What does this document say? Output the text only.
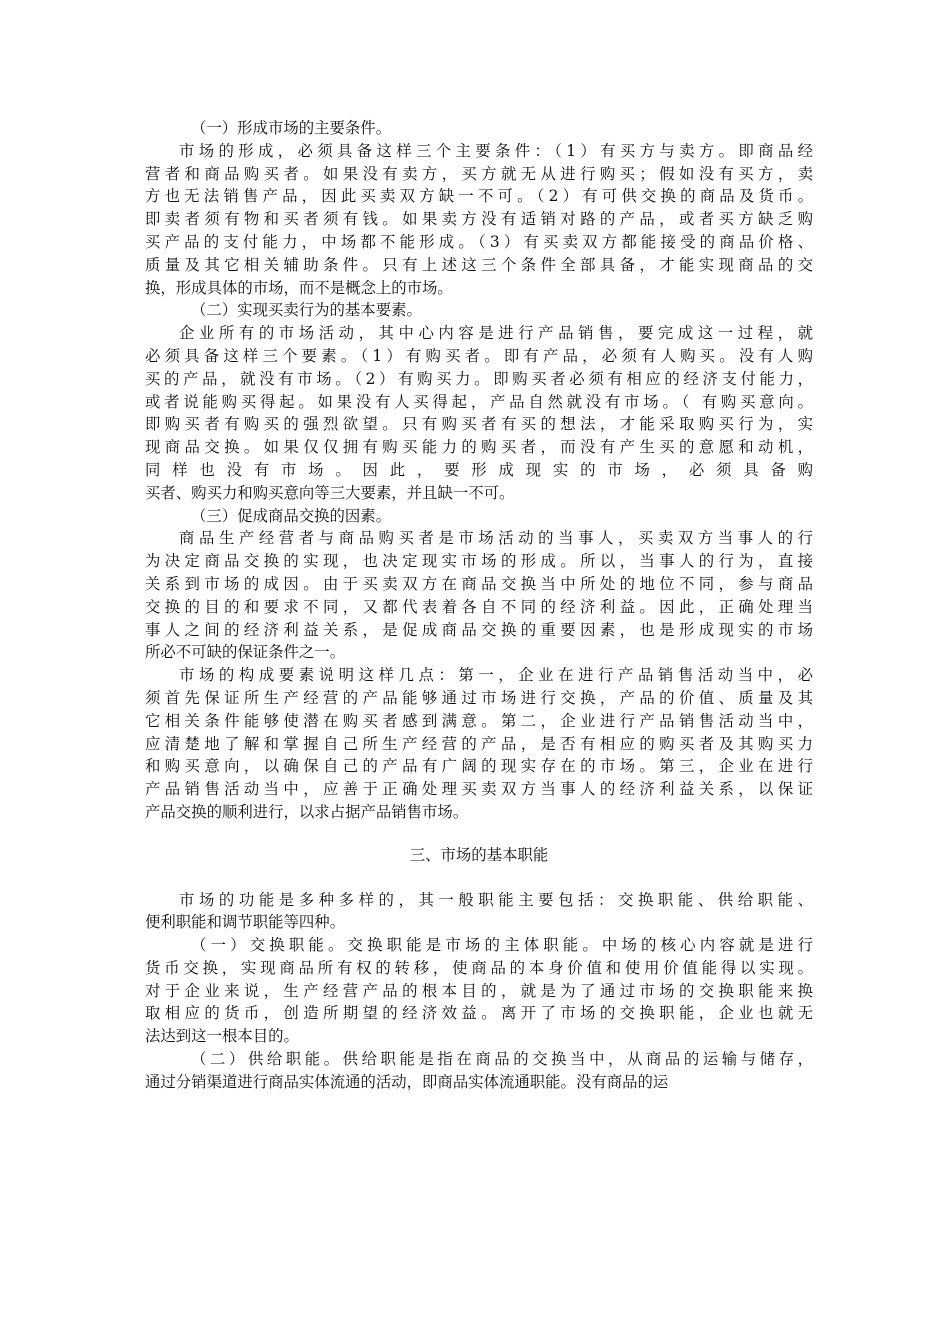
（一）形成市场的主要条件。
市场的形成，必须具备这样三个主要条件：（1）有买方与卖方。即商品经
营者和商品购买者。如果没有卖方，买方就无从进行购买；假如没有买方，卖
方也无法销售产品，因此买卖双方缺一不可。（2）有可供交换的商品及货币。
即卖者须有物和买者须有钱。如果卖方没有适销对路的产品，或者买方缺乏购
买产品的支付能力，中场都不能形成。（3）有买卖双方都能接受的商品价格、
质量及其它相关辅助条件。只有上述这三个条件全部具备，才能实现商品的交
换，形成具体的市场，而不是概念上的市场。
（二）实现买卖行为的基本要素。
企业所有的市场活动，其中心内容是进行产品销售，要完成这一过程，就
必须具备这样三个要素。（1）有购买者。即有产品，必须有人购买。没有人购
买的产品，就没有市场。（2）有购买力。即购买者必须有相应的经济支付能力，
或者说能购买得起。如果没有人买得起，产品自然就没有市场。（ 有购买意向。
即购买者有购买的强烈欲望。只有购买者有买的想法，才能采取购买行为，实
现商品交换。如果仅仅拥有购买能力的购买者，而没有产生买的意愿和动机，
同样也没有市场。因此，要形成现实的市场，必须具备购
买者、购买力和购买意向等三大要素，并且缺一不可。
（三）促成商品交换的因素。
商品生产经营者与商品购买者是市场活动的当事人，买卖双方当事人的行
为决定商品交换的实现，也决定现实市场的形成。所以，当事人的行为，直接
关系到市场的成因。由于买卖双方在商品交换当中所处的地位不同，参与商品
交换的目的和要求不同，又都代表着各自不同的经济利益。因此，正确处理当
事人之间的经济利益关系，是促成商品交换的重要因素，也是形成现实的市场
所必不可缺的保证条件之一。
市场的构成要素说明这样几点：第一，企业在进行产品销售活动当中，必
须首先保证所生产经营的产品能够通过市场进行交换，产品的价值、质量及其
它相关条件能够使潜在购买者感到满意。第二，企业进行产品销售活动当中，
应清楚地了解和掌握自己所生产经营的产品，是否有相应的购买者及其购买力
和购买意向，以确保自己的产品有广阔的现实存在的市场。第三，企业在进行
产品销售活动当中，应善于正确处理买卖双方当事人的经济利益关系，以保证
产品交换的顺利进行，以求占据产品销售市场。
三、市场的基本职能
市场的功能是多种多样的，其一般职能主要包括：交换职能、供给职能、
便利职能和调节职能等四种。
（一）交换职能。交换职能是市场的主体职能。中场的核心内容就是进行
货币交换，实现商品所有权的转移，使商品的本身价值和使用价值能得以实现。
对于企业来说，生产经营产品的根本目的，就是为了通过市场的交换职能来换
取相应的货币，创造所期望的经济效益。离开了市场的交换职能，企业也就无
法达到这一根本目的。
（二）供给职能。供给职能是指在商品的交换当中，从商品的运输与储存，
通过分销渠道进行商品实体流通的活动，即商品实体流通职能。没有商品的运
